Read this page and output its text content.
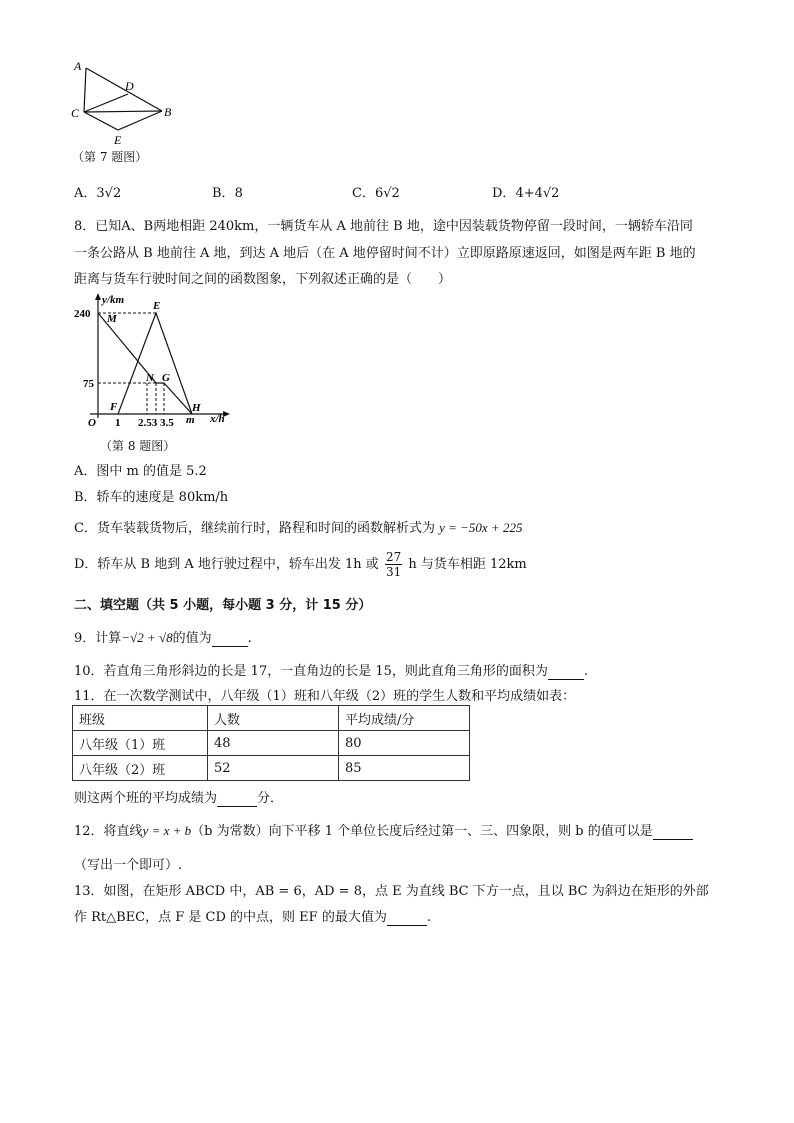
A
D
C	B
E
（第 7 题图）
A．3√2	B．8	C．6√2	D．4+4√2
8．已知A、B两地相距 240km，一辆货车从 A 地前往 B 地，途中因装载货物停留一段时间，一辆轿车沿同
一条公路从 B 地前往 A 地，到达 A 地后（在 A 地停留时间不计）立即原路原速返回，如图是两车距 B 地的
距离与货车行驶时间之间的函数图象，下列叙述正确的是（　　）
y/km
x/h
240
75
O 1 2.53 3.5
M
E
N G
F	H
m
（第 8 题图）
A．图中 m 的值是 5.2
B．轿车的速度是 80km/h
C．货车装载货物后，继续前行时，路程和时间的函数解析式为 y = −50x + 225
D．轿车从 B 地到 A 地行驶过程中，轿车出发 1h 或 $\frac{27}{31}$ h 与货车相距 12km
二、填空题（共 5 小题，每小题 3 分，计 15 分）
9．计算−√2 + √8的值为	.
10．若直角三角形斜边的长是 17，一直角边的长是 15，则此直角三角形的面积为	.
11．在一次数学测试中，八年级（1）班和八年级（2）班的学生人数和平均成绩如表：
班级	人数	平均成绩/分
八年级（1）班	48	80
八年级（2）班	52	85
则这两个班的平均成绩为	分．
12．将直线y = x + b（b 为常数）向下平移 1 个单位长度后经过第一、三、四象限，则 b 的值可以是
（写出一个即可）.
13．如图，在矩形 ABCD 中，AB = 6，AD = 8，点 E 为直线 BC 下方一点，且以 BC 为斜边在矩形的外部
作 Rt△BEC，点 F 是 CD 的中点，则 EF 的最大值为	.
